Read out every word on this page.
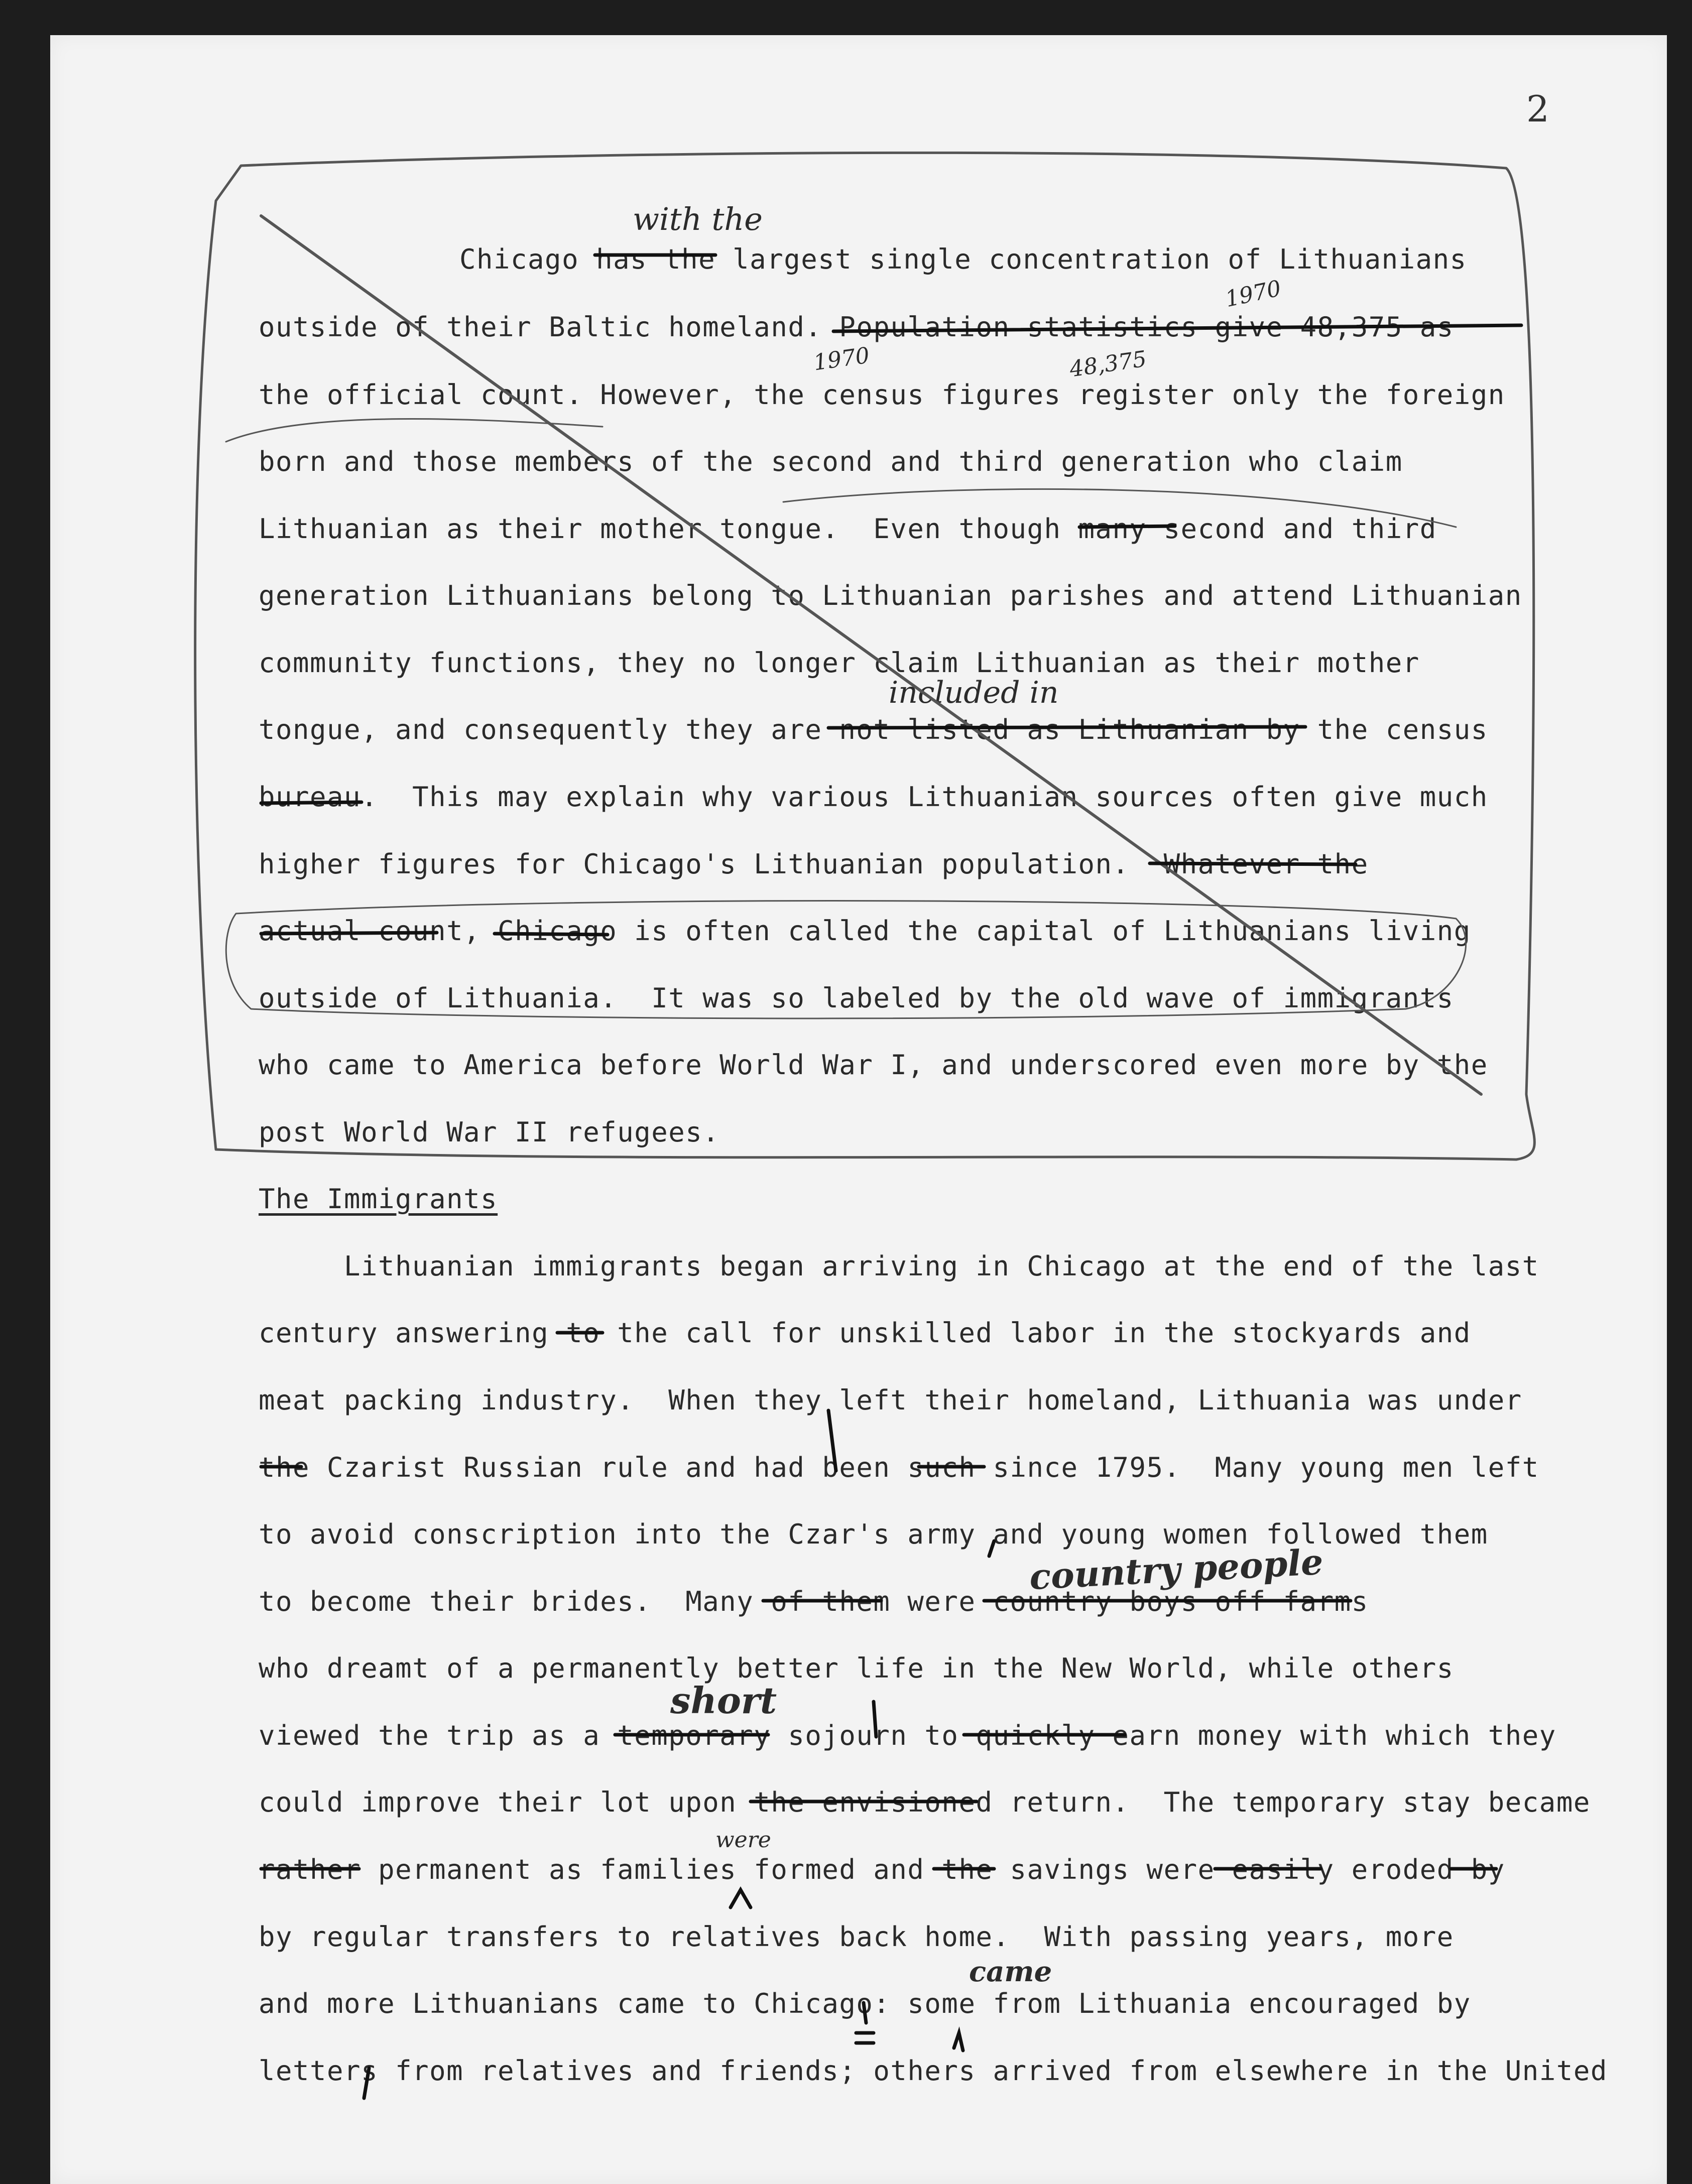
2
Chicago has the largest single concentration of Lithuanians
outside of their Baltic homeland. Population statistics give 48,375 as
the official count. However, the census figures register only the foreign
born and those members of the second and third generation who claim
Lithuanian as their mother tongue.  Even though many second and third
generation Lithuanians belong to Lithuanian parishes and attend Lithuanian
community functions, they no longer claim Lithuanian as their mother
tongue, and consequently they are not listed as Lithuanian by the census
bureau.  This may explain why various Lithuanian sources often give much
higher figures for Chicago's Lithuanian population.  Whatever the
actual count, Chicago is often called the capital of Lithuanians living
outside of Lithuania.  It was so labeled by the old wave of immigrants
who came to America before World War I, and underscored even more by the
post World War II refugees.
The Immigrants
Lithuanian immigrants began arriving in Chicago at the end of the last
century answering to the call for unskilled labor in the stockyards and
meat packing industry.  When they left their homeland, Lithuania was under
the Czarist Russian rule and had been such since 1795.  Many young men left
to avoid conscription into the Czar's army and young women followed them
to become their brides.  Many of them were country boys off farms
who dreamt of a permanently better life in the New World, while others
viewed the trip as a temporary sojourn to quickly earn money with which they
could improve their lot upon the envisioned return.  The temporary stay became
rather permanent as families formed and the savings were easily eroded by
by regular transfers to relatives back home.  With passing years, more
and more Lithuanians came to Chicago: some from Lithuania encouraged by
letters from relatives and friends; others arrived from elsewhere in the United
with the
1970
1970	48,375
included in
country people
short
were
came
